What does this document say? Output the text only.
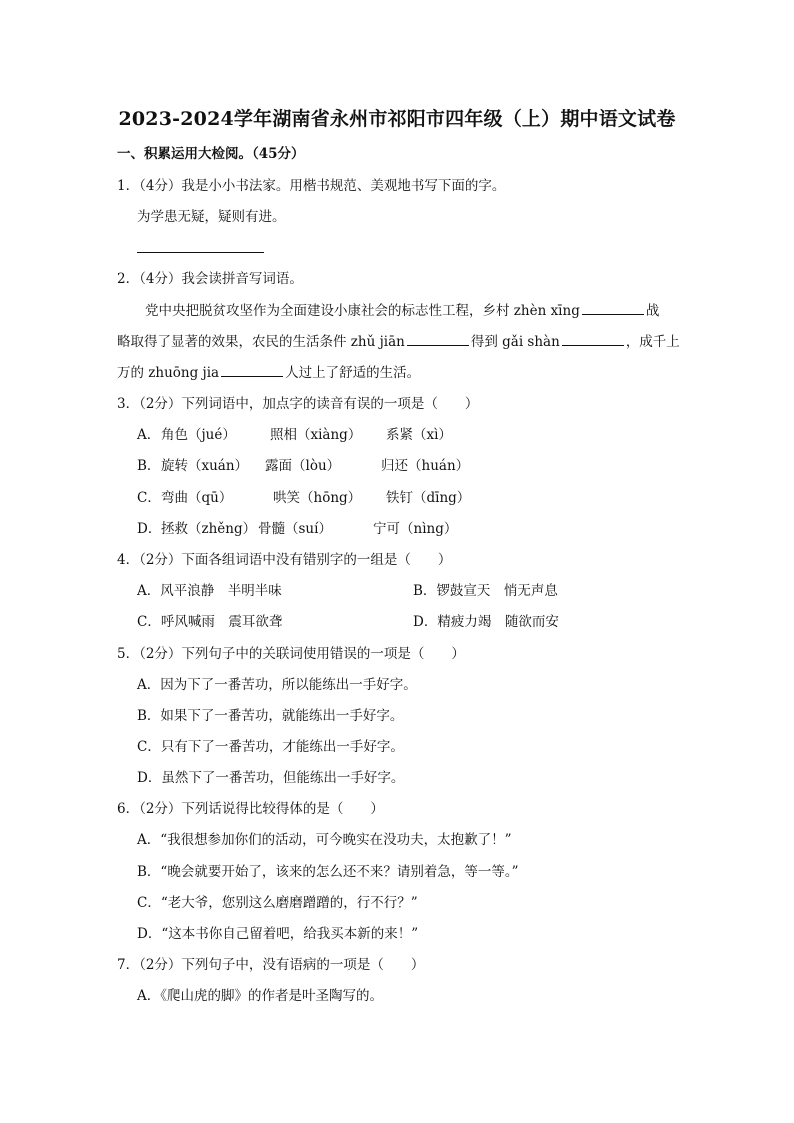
2023-2024学年湖南省永州市祁阳市四年级（上）期中语文试卷
一、积累运用大检阅。（45分）
1．（4分）我是小小书法家。用楷书规范、美观地书写下面的字。
为学患无疑，疑则有进。
2．（4分）我会读拼音写词语。
党中央把脱贫攻坚作为全面建设小康社会的标志性工程，乡村 zhèn xīng	战
略取得了显著的效果，农民的生活条件 zhǔ jiān	得到 gǎi shàn	，成千上
万的 zhuōng jia	人过上了舒适的生活。
3．（2分）下列词语中，加点字的读音有误的一项是（　　）
A． 角色（jué）	照相（xiàng） 系紧（xì）
B． 旋转（xuán） 露面（lòu）	归还（huán）
C． 弯曲（qū）	哄笑（hōng） 铁钉（dīng）
D． 拯救（zhěng） 骨髓（suí）	宁可（nìng）
4．（2分）下面各组词语中没有错别字的一组是（　　）
A．风平浪静　半明半味	B．锣鼓宣天　悄无声息
C．呼风喊雨　震耳欲聋	D．精疲力竭　随欲而安
5．（2分）下列句子中的关联词使用错误的一项是（　　）
A．因为下了一番苦功，所以能练出一手好字。
B．如果下了一番苦功，就能练出一手好字。
C．只有下了一番苦功，才能练出一手好字。
D．虽然下了一番苦功，但能练出一手好字。
6．（2分）下列话说得比较得体的是（　　）
A．“我很想参加你们的活动，可今晚实在没功夫，太抱歉了！”
B．“晚会就要开始了，该来的怎么还不来？请别着急，等一等。”
C．“老大爷，您别这么磨磨蹭蹭的，行不行？”
D．“这本书你自己留着吧，给我买本新的来！”
7．（2分）下列句子中，没有语病的一项是（　　）
A．《爬山虎的脚》的作者是叶圣陶写的。
